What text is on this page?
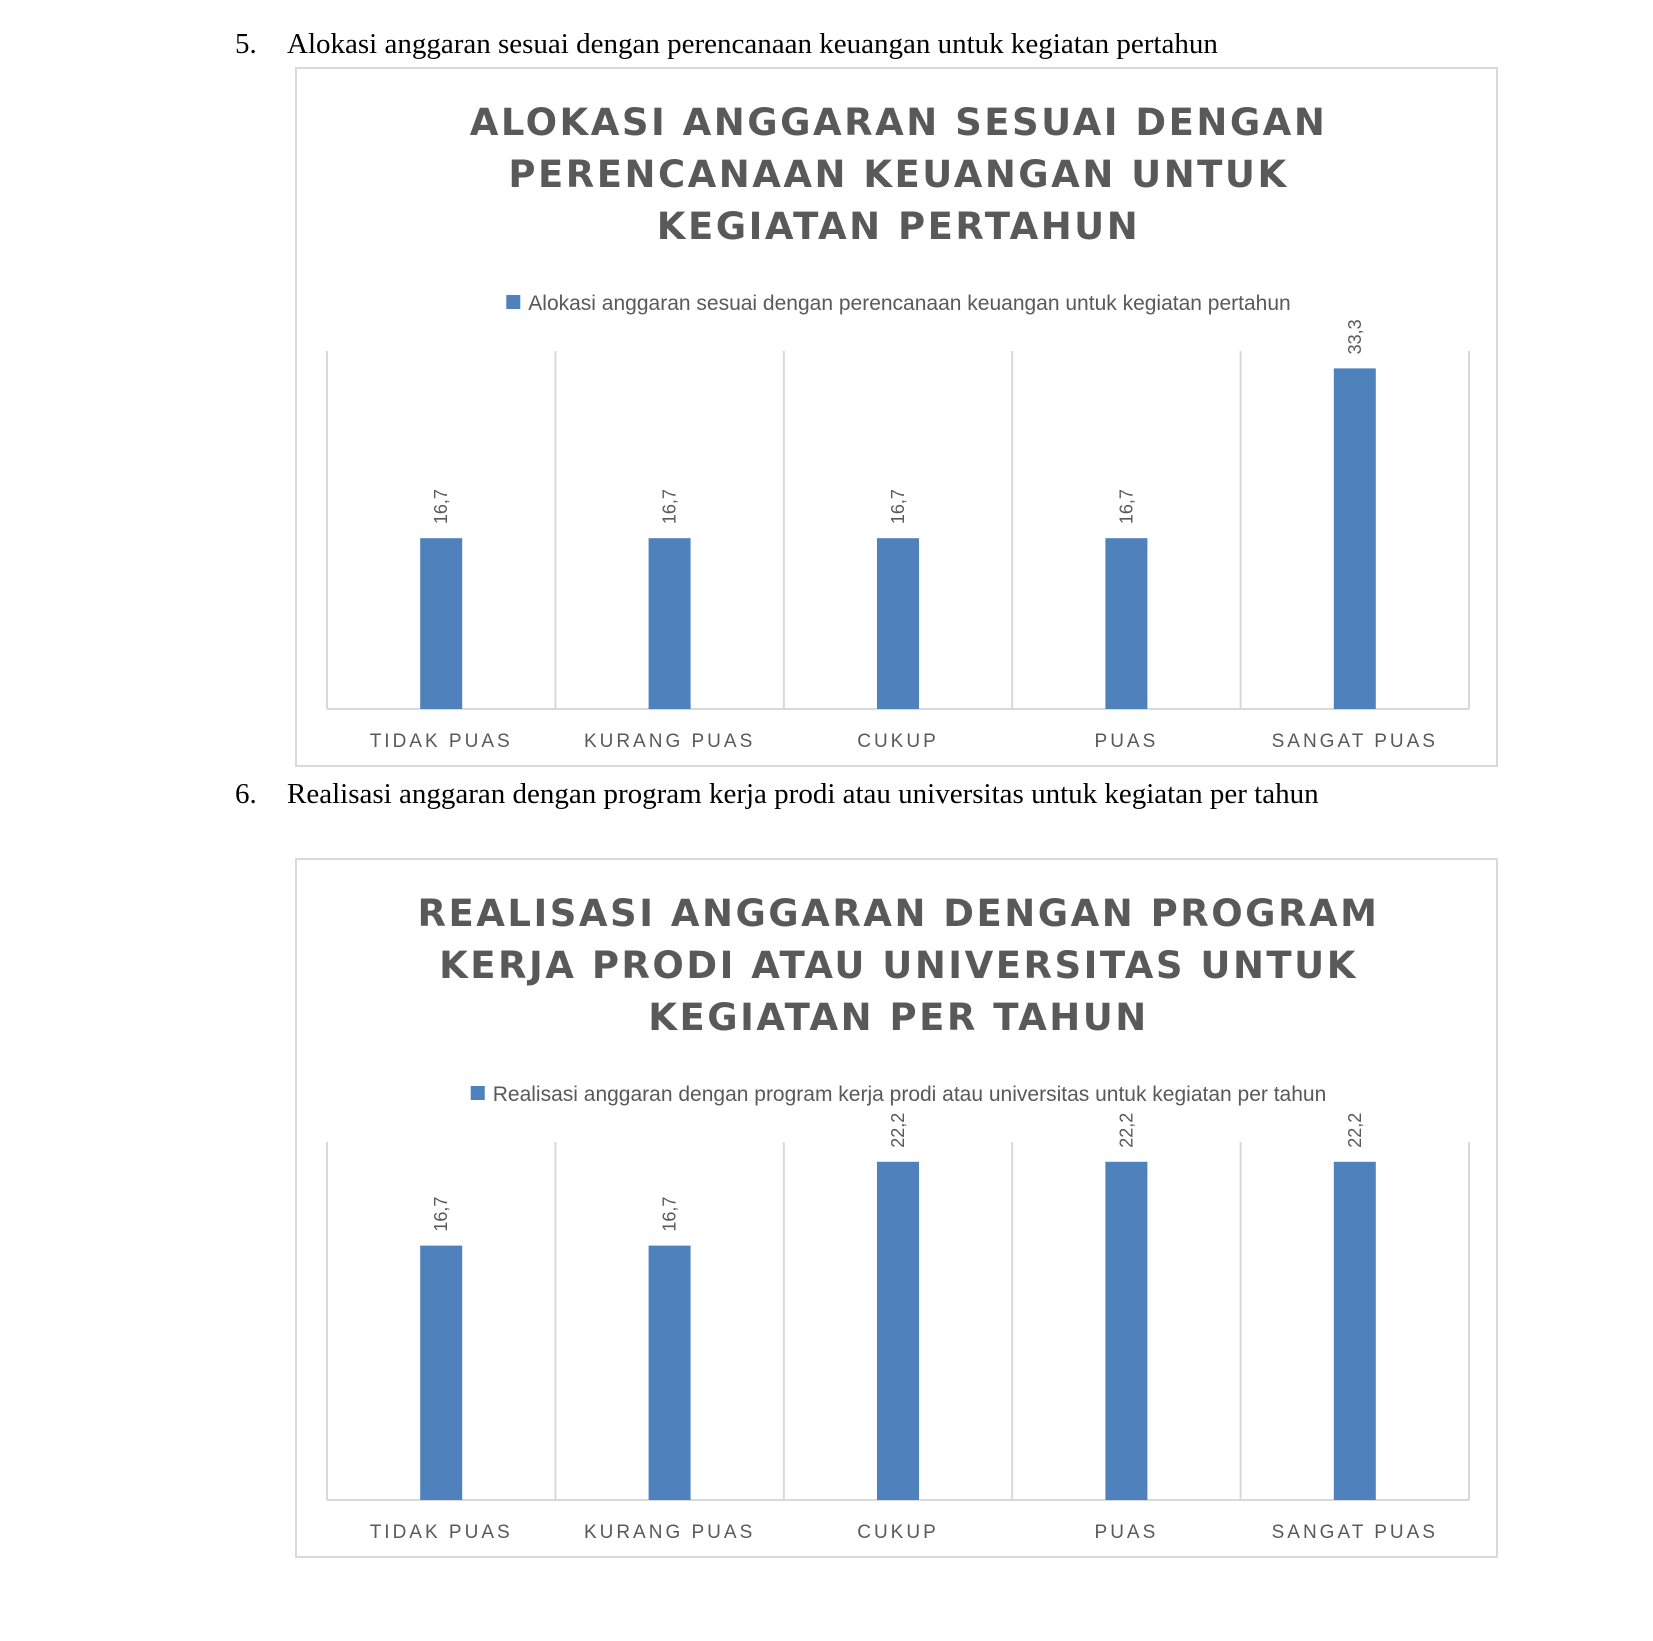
5. Alokasi anggaran sesuai dengan perencanaan keuangan untuk kegiatan pertahun
ALOKASI ANGGARAN SESUAI DENGAN
PERENCANAAN KEUANGAN UNTUK
KEGIATAN PERTAHUN
Alokasi anggaran sesuai dengan perencanaan keuangan untuk kegiatan pertahun
16,7
TIDAK PUAS
16,7
KURANG PUAS
16,7
CUKUP
16,7
PUAS
33,3
SANGAT PUAS
6. Realisasi anggaran dengan program kerja prodi atau universitas untuk kegiatan per tahun
REALISASI ANGGARAN DENGAN PROGRAM
KERJA PRODI ATAU UNIVERSITAS UNTUK
KEGIATAN PER TAHUN
Realisasi anggaran dengan program kerja prodi atau universitas untuk kegiatan per tahun
16,7
TIDAK PUAS
16,7
KURANG PUAS
22,2
CUKUP
22,2
PUAS
22,2
SANGAT PUAS
